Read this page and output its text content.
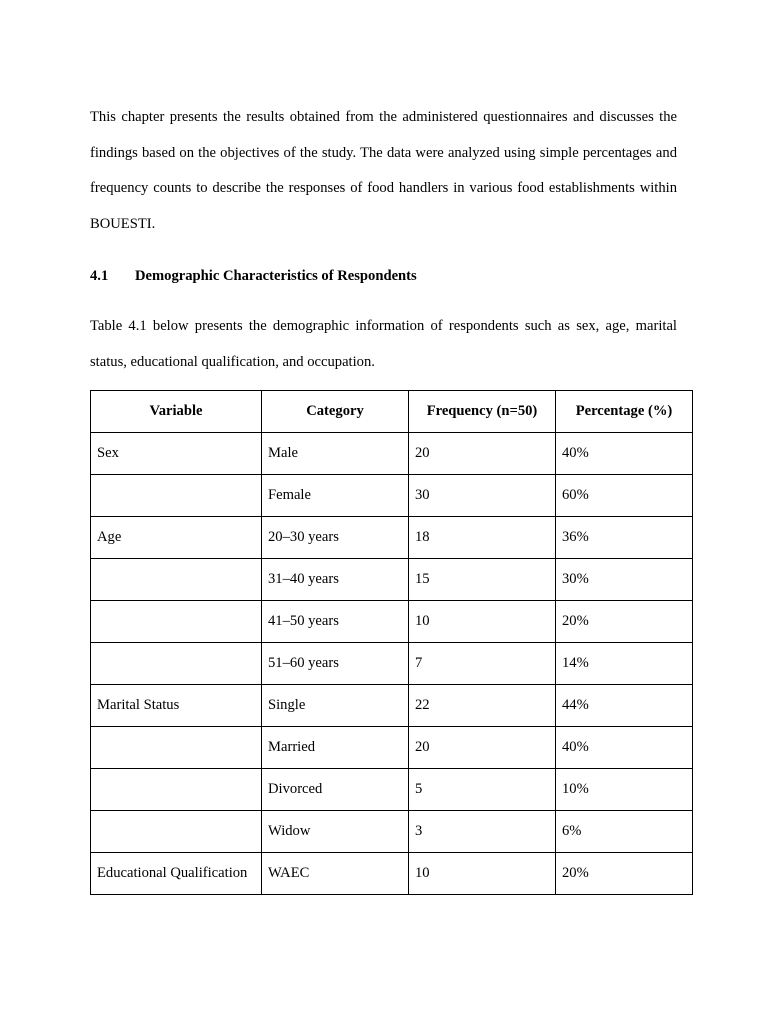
This chapter presents the results obtained from the administered questionnaires and discusses the findings based on the objectives of the study. The data were analyzed using simple percentages and frequency counts to describe the responses of food handlers in various food establishments within BOUESTI.

4.1 Demographic Characteristics of Respondents

Table 4.1 below presents the demographic information of respondents such as sex, age, marital status, educational qualification, and occupation.

Variable	Category	Frequency (n=50)	Percentage (%)
Sex	Male	20	40%
	Female	30	60%
Age	20–30 years	18	36%
	31–40 years	15	30%
	41–50 years	10	20%
	51–60 years	7	14%
Marital Status	Single	22	44%
	Married	20	40%
	Divorced	5	10%
	Widow	3	6%
Educational Qualification	WAEC	10	20%
